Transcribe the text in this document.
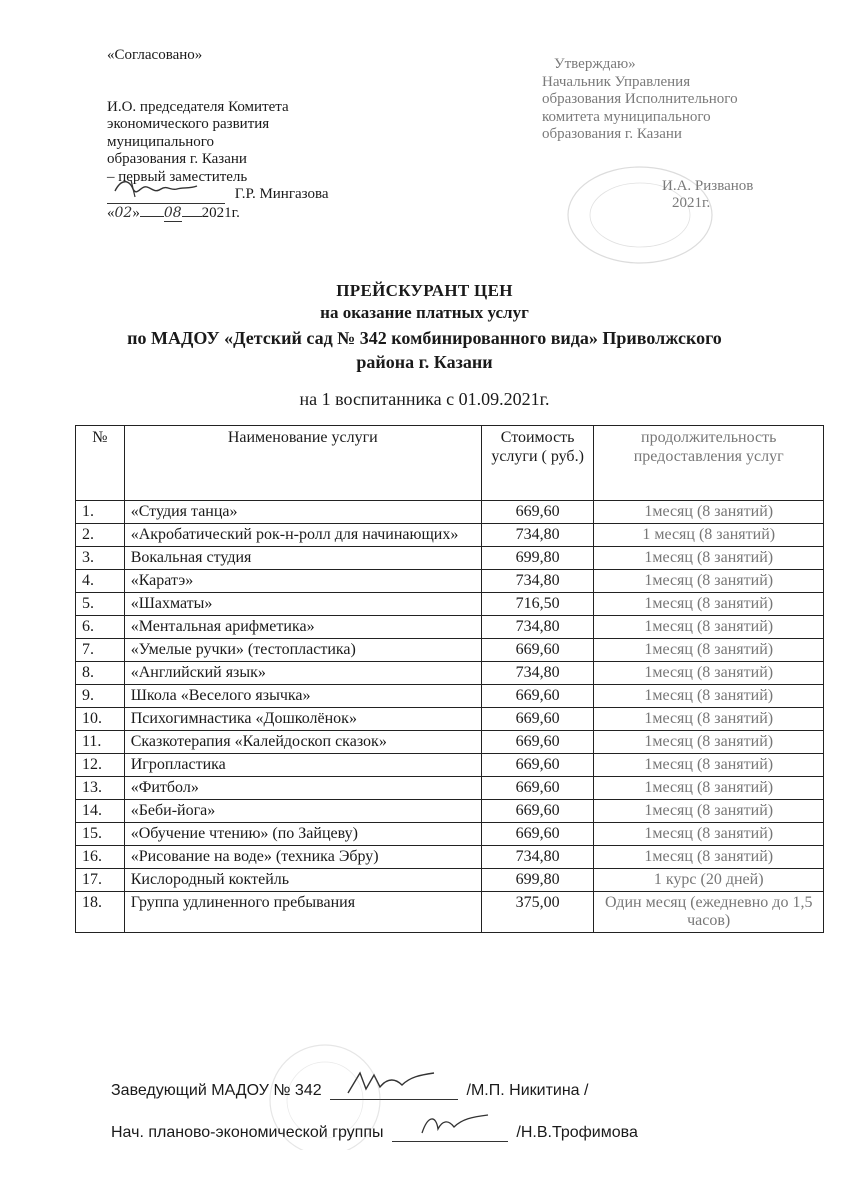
«Согласовано»
И.О. председателя Комитета
экономического развития
муниципального
образования г. Казани
– первый заместитель
Г.Р. Мингазова
«02» 08 2021г.
Утверждаю»
Начальник Управления
образования Исполнительного
комитета муниципального
образования г. Казани
И.А. Ризванов
2021г.
ПРЕЙСКУРАНТ ЦЕН
на оказание платных услуг
по МАДОУ «Детский сад № 342 комбинированного вида» Приволжского
района г. Казани
на 1 воспитанника с 01.09.2021г.
№	Наименование услуги	Стоимость услуги ( руб.)	продолжительность предоставления услуг
1.	«Студия танца»	669,60	1месяц (8 занятий)
2.	«Акробатический рок-н-ролл для начинающих»	734,80	1 месяц (8 занятий)
3.	Вокальная студия	699,80	1месяц (8 занятий)
4.	«Каратэ»	734,80	1месяц (8 занятий)
5.	«Шахматы»	716,50	1месяц (8 занятий)
6.	«Ментальная арифметика»	734,80	1месяц (8 занятий)
7.	«Умелые ручки» (тестопластика)	669,60	1месяц (8 занятий)
8.	«Английский язык»	734,80	1месяц (8 занятий)
9.	Школа «Веселого язычка»	669,60	1месяц (8 занятий)
10.	Психогимнастика «Дошколёнок»	669,60	1месяц (8 занятий)
11.	Сказкотерапия «Калейдоскоп сказок»	669,60	1месяц (8 занятий)
12.	Игропластика	669,60	1месяц (8 занятий)
13.	«Фитбол»	669,60	1месяц (8 занятий)
14.	«Беби-йога»	669,60	1месяц (8 занятий)
15.	«Обучение чтению» (по Зайцеву)	669,60	1месяц (8 занятий)
16.	«Рисование на воде» (техника Эбру)	734,80	1месяц (8 занятий)
17.	Кислородный коктейль	699,80	1 курс (20 дней)
18.	Группа удлиненного пребывания	375,00	Один месяц (ежедневно до 1,5 часов)
Заведующий МАДОУ № 342	/М.П. Никитина /
Нач. планово-экономической группы	/Н.В.Трофимова
